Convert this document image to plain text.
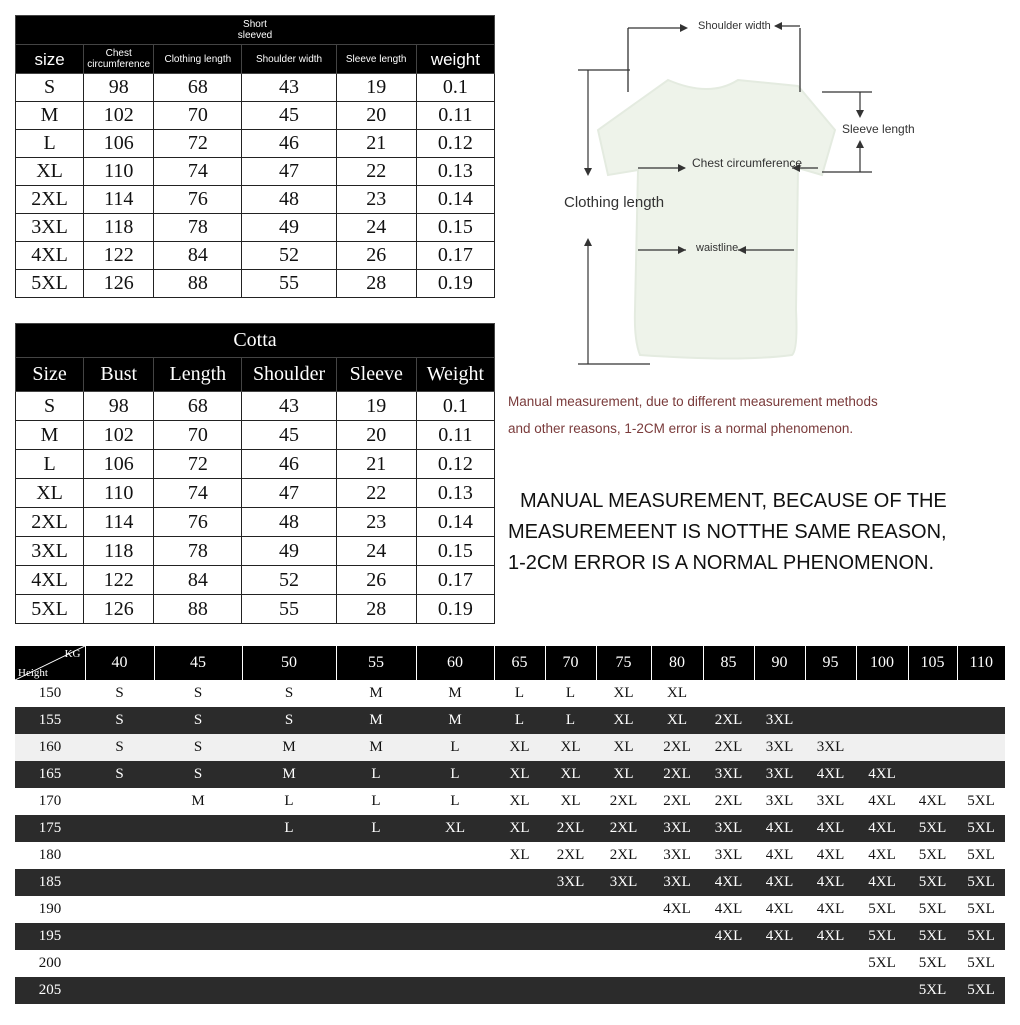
Short
sleeved					
size	Chest circumference	Clothing length	Shoulder width	Sleeve length	weight
S	98	68	43	19	0.1
M	102	70	45	20	0.11
L	106	72	46	21	0.12
XL	110	74	47	22	0.13
2XL	114	76	48	23	0.14
3XL	118	78	49	24	0.15
4XL	122	84	52	26	0.17
5XL	126	88	55	28	0.19
Cotta					
Size	Bust	Length	Shoulder	Sleeve	Weight
S	98	68	43	19	0.1
M	102	70	45	20	0.11
L	106	72	46	21	0.12
XL	110	74	47	22	0.13
2XL	114	76	48	23	0.14
3XL	118	78	49	24	0.15
4XL	122	84	52	26	0.17
5XL	126	88	55	28	0.19
Shoulder width
Sleeve length
Chest circumference
Clothing length
waistline
Manual measurement, due to different measurement methods
and other reasons, 1-2CM error is a normal phenomenon.
MANUAL MEASUREMENT, BECAUSE OF THE
MEASUREMEENT IS NOTTHE SAME REASON,
1-2CM ERROR IS A NORMAL PHENOMENON.
KG
Height	40	45	50	55	60	65	70	75	80	85	90	95	100	105	110
150	S	S	S	M	M	L	L	XL	XL						
155	S	S	S	M	M	L	L	XL	XL	2XL	3XL				
160	S	S	M	M	L	XL	XL	XL	2XL	2XL	3XL	3XL			
165	S	S	M	L	L	XL	XL	XL	2XL	3XL	3XL	4XL	4XL		
170		M	L	L	L	XL	XL	2XL	2XL	2XL	3XL	3XL	4XL	4XL	5XL
175			L	L	XL	XL	2XL	2XL	3XL	3XL	4XL	4XL	4XL	5XL	5XL
180						XL	2XL	2XL	3XL	3XL	4XL	4XL	4XL	5XL	5XL
185							3XL	3XL	3XL	4XL	4XL	4XL	4XL	5XL	5XL
190									4XL	4XL	4XL	4XL	5XL	5XL	5XL
195										4XL	4XL	4XL	5XL	5XL	5XL
200													5XL	5XL	5XL
205														5XL	5XL
